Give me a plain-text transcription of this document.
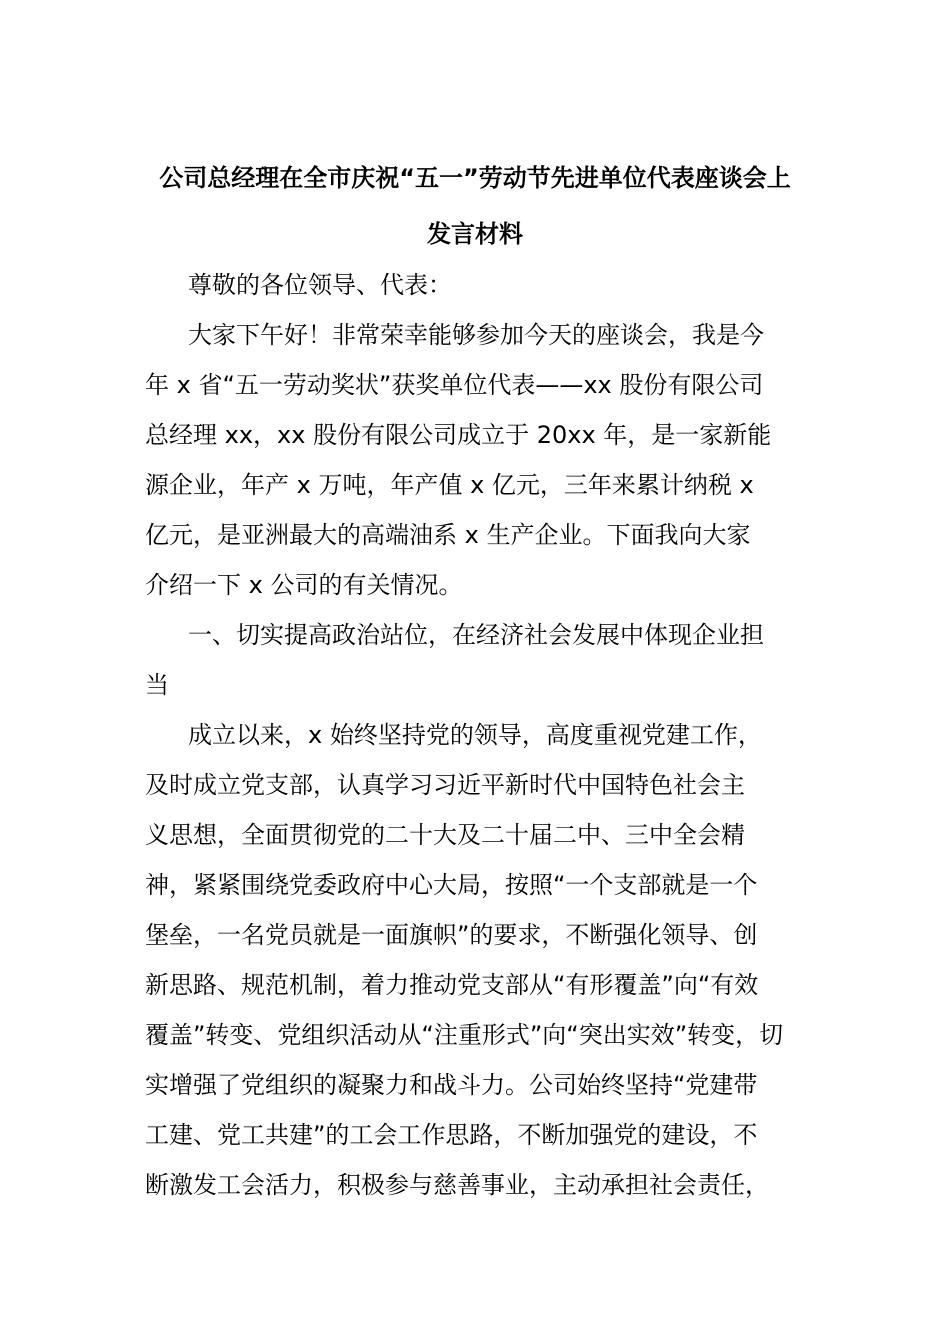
公司总经理在全市庆祝“五一”劳动节先进单位代表座谈会上
发言材料
尊敬的各位领导、代表：
大家下午好！非常荣幸能够参加今天的座谈会，我是今
年 x 省“五一劳动奖状”获奖单位代表——xx 股份有限公司
总经理 xx，xx 股份有限公司成立于 20xx 年，是一家新能
源企业，年产 x 万吨，年产值 x 亿元，三年来累计纳税 x
亿元，是亚洲最大的高端油系 x 生产企业。下面我向大家
介绍一下 x 公司的有关情况。
一、切实提高政治站位，在经济社会发展中体现企业担
当
成立以来，x 始终坚持党的领导，高度重视党建工作，
及时成立党支部，认真学习习近平新时代中国特色社会主
义思想，全面贯彻党的二十大及二十届二中、三中全会精
神，紧紧围绕党委政府中心大局，按照“一个支部就是一个
堡垒，一名党员就是一面旗帜”的要求，不断强化领导、创
新思路、规范机制，着力推动党支部从“有形覆盖”向“有效
覆盖”转变、党组织活动从“注重形式”向“突出实效”转变，切
实增强了党组织的凝聚力和战斗力。公司始终坚持“党建带
工建、党工共建”的工会工作思路，不断加强党的建设，不
断激发工会活力，积极参与慈善事业，主动承担社会责任，
